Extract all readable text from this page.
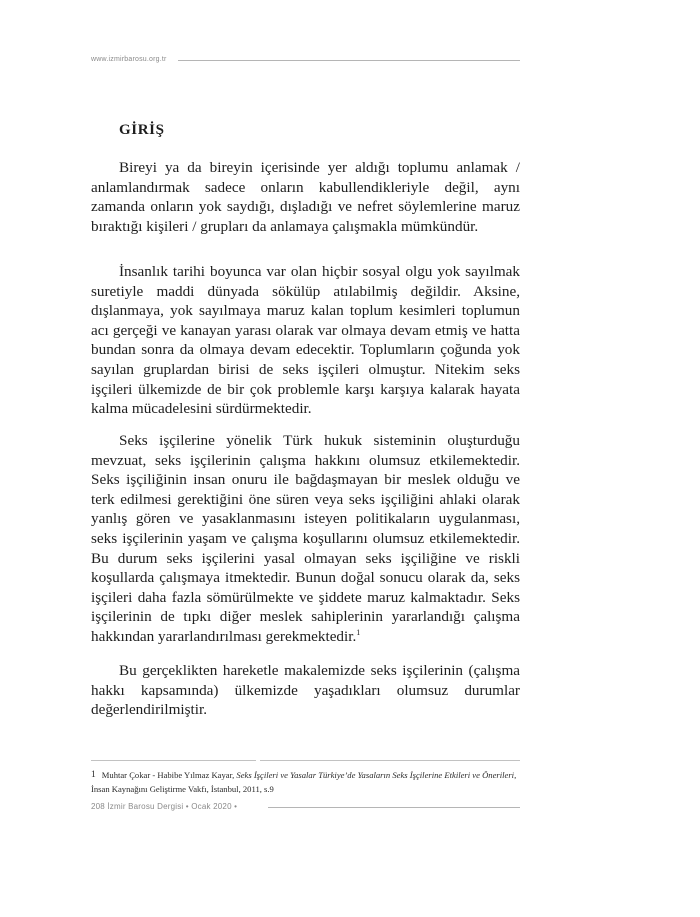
www.izmirbarosu.org.tr
GİRİŞ

Bireyi ya da bireyin içerisinde yer aldığı toplumu anlamak / anlamlandırmak sadece onların kabullendikleriyle değil, aynı zamanda onların yok saydığı, dışladığı ve nefret söylemlerine maruz bıraktığı kişileri / grupları da anlamaya çalışmakla mümkündür.

İnsanlık tarihi boyunca var olan hiçbir sosyal olgu yok sayılmak suretiyle maddi dünyada sökülüp atılabilmiş değildir. Aksine, dışlanmaya, yok sayılmaya maruz kalan toplum kesimleri toplumun acı gerçeği ve kanayan yarası olarak var olmaya devam etmiş ve hatta bundan sonra da olmaya devam edecektir. Toplumların çoğunda yok sayılan gruplardan birisi de seks işçileri olmuştur. Nitekim seks işçileri ülkemizde de bir çok problemle karşı karşıya kalarak hayata kalma mücadelesini sürdürmektedir.

Seks işçilerine yönelik Türk hukuk sisteminin oluşturduğu mevzuat, seks işçilerinin çalışma hakkını olumsuz etkilemektedir. Seks işçiliğinin insan onuru ile bağdaşmayan bir meslek olduğu ve terk edilmesi gerektiğini öne süren veya seks işçiliğini ahlaki olarak yanlış gören ve yasaklanmasını isteyen politikaların uygulanması, seks işçilerinin yaşam ve çalışma koşullarını olumsuz etkilemektedir. Bu durum seks işçilerini yasal olmayan seks işçiliğine ve riskli koşullarda çalışmaya itmektedir. Bunun doğal sonucu olarak da, seks işçileri daha fazla sömürülmekte ve şiddete maruz kalmaktadır. Seks işçilerinin de tıpkı diğer meslek sahiplerinin yararlandığı çalışma hakkından yararlandırılması gerekmektedir.$^1$

Bu gerçeklikten hareketle makalemizde seks işçilerinin (çalışma hakkı kapsamında) ülkemizde yaşadıkları olumsuz durumlar değerlendirilmiştir.

1 Muhtar Çokar - Habibe Yılmaz Kayar, Seks İşçileri ve Yasalar Türkiye’de Yasaların Seks İşçilerine Etkileri ve Önerileri, İnsan Kaynağını Geliştirme Vakfı, İstanbul, 2011, s.9

208 İzmir Barosu Dergisi • Ocak 2020 •
